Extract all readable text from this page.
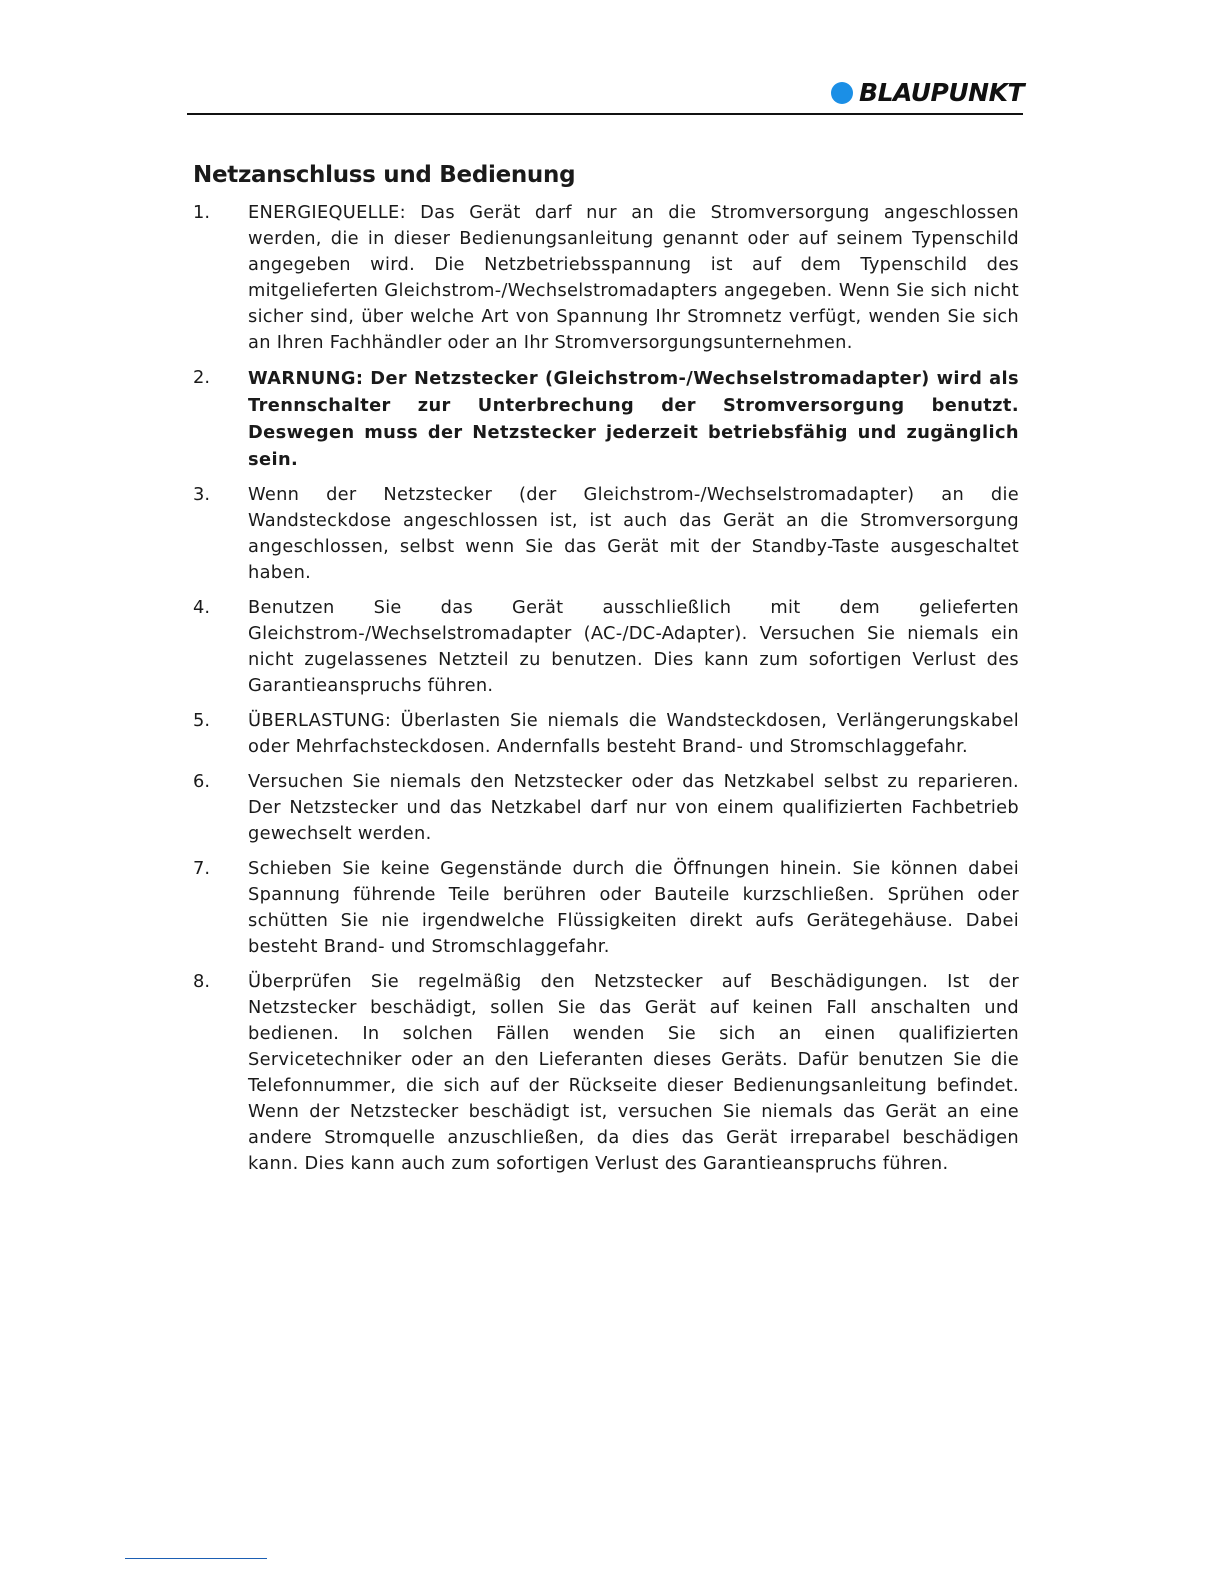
BLAUPUNKT
Netzanschluss und Bedienung
1.	ENERGIEQUELLE: Das Gerät darf nur an die Stromversorgung angeschlossen werden, die in dieser Bedienungsanleitung genannt oder auf seinem Typenschild angegeben wird. Die Netzbetriebsspannung ist auf dem Typenschild des mitgelieferten Gleichstrom-/Wechselstromadapters angegeben. Wenn Sie sich nicht sicher sind, über welche Art von Spannung Ihr Stromnetz verfügt, wenden Sie sich an Ihren Fachhändler oder an Ihr Stromversorgungsunternehmen.
2.	WARNUNG: Der Netzstecker (Gleichstrom-/Wechselstromadapter) wird als Trennschalter zur Unterbrechung der Stromversorgung benutzt. Deswegen muss der Netzstecker jederzeit betriebsfähig und zugänglich sein.
3.	Wenn der Netzstecker (der Gleichstrom-/Wechselstromadapter) an die Wandsteckdose angeschlossen ist, ist auch das Gerät an die Stromversorgung angeschlossen, selbst wenn Sie das Gerät mit der Standby-Taste ausgeschaltet haben.
4.	Benutzen Sie das Gerät ausschließlich mit dem gelieferten Gleichstrom-/Wechselstromadapter (AC-/DC-Adapter). Versuchen Sie niemals ein nicht zugelassenes Netzteil zu benutzen. Dies kann zum sofortigen Verlust des Garantieanspruchs führen.
5.	ÜBERLASTUNG: Überlasten Sie niemals die Wandsteckdosen, Verlängerungskabel oder Mehrfachsteckdosen. Andernfalls besteht Brand- und Stromschlaggefahr.
6.	Versuchen Sie niemals den Netzstecker oder das Netzkabel selbst zu reparieren. Der Netzstecker und das Netzkabel darf nur von einem qualifizierten Fachbetrieb gewechselt werden.
7.	Schieben Sie keine Gegenstände durch die Öffnungen hinein. Sie können dabei Spannung führende Teile berühren oder Bauteile kurzschließen. Sprühen oder schütten Sie nie irgendwelche Flüssigkeiten direkt aufs Gerätegehäuse. Dabei besteht Brand- und Stromschlaggefahr.
8.	Überprüfen Sie regelmäßig den Netzstecker auf Beschädigungen. Ist der Netzstecker beschädigt, sollen Sie das Gerät auf keinen Fall anschalten und bedienen. In solchen Fällen wenden Sie sich an einen qualifizierten Servicetechniker oder an den Lieferanten dieses Geräts. Dafür benutzen Sie die Telefonnummer, die sich auf der Rückseite dieser Bedienungsanleitung befindet. Wenn der Netzstecker beschädigt ist, versuchen Sie niemals das Gerät an eine andere Stromquelle anzuschließen, da dies das Gerät irreparabel beschädigen kann. Dies kann auch zum sofortigen Verlust des Garantieanspruchs führen.
